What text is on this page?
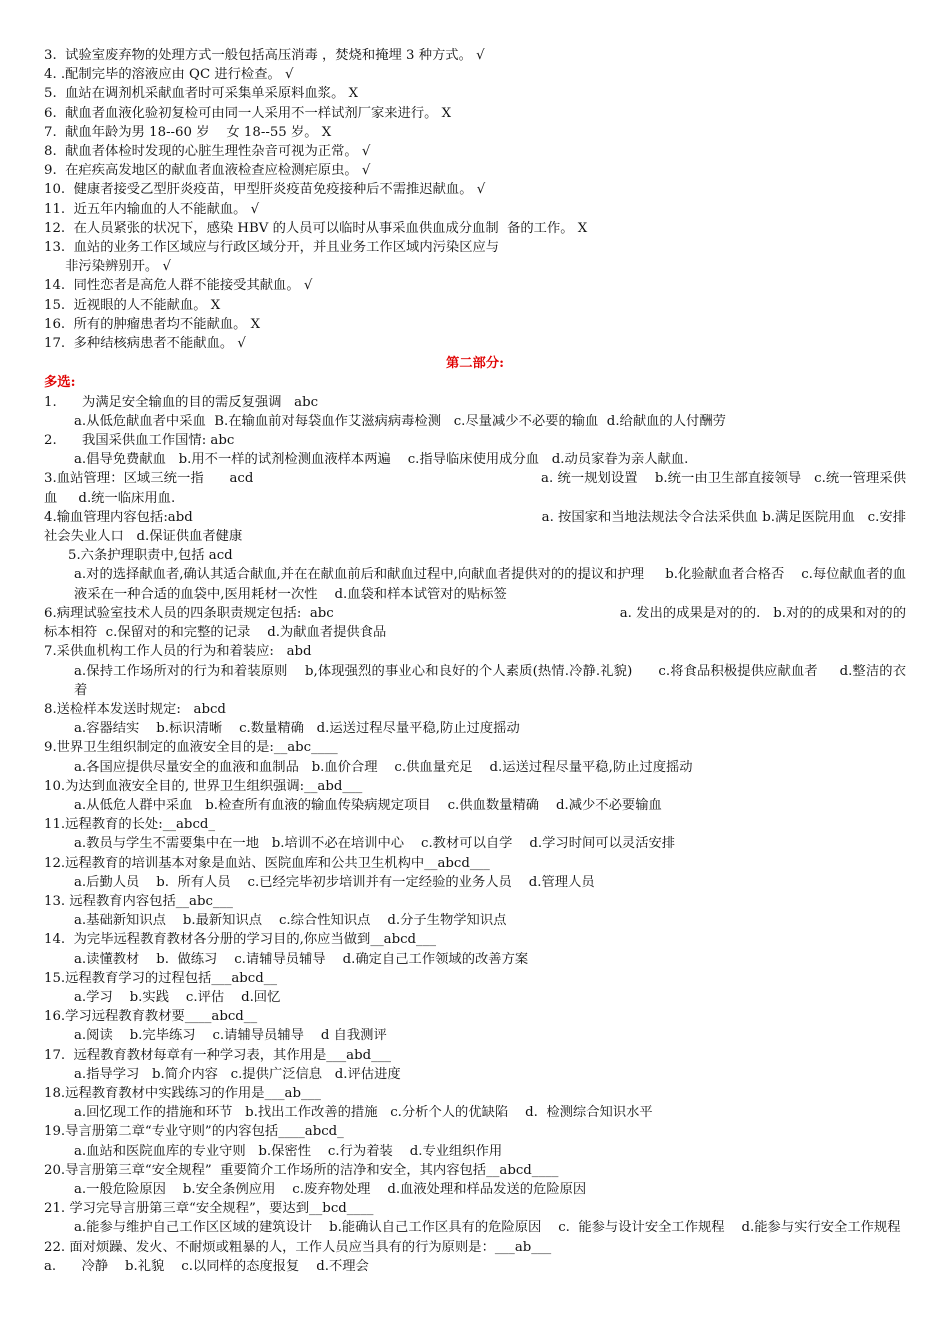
3.  试验室废弃物的处理方式一般包括高压消毒 ，焚烧和掩埋 3 种方式。 √
4. .配制完毕的溶液应由 QC 进行检查。 √
5.  血站在调剂机采献血者时可采集单采原料血浆。 X
6.  献血者血液化验初复检可由同一人采用不一样试剂厂家来进行。 X
7.  献血年龄为男 18--60 岁    女 18--55 岁。 X
8.  献血者体检时发现的心脏生理性杂音可视为正常。 √
9.  在疟疾高发地区的献血者血液检查应检测疟原虫。 √
10.  健康者接受乙型肝炎疫苗，甲型肝炎疫苗免疫接种后不需推迟献血。 √
11.  近五年内输血的人不能献血。 √
12.  在人员紧张的状况下，感染 HBV 的人员可以临时从事采血供血成分血制  备的工作。 X
13.  血站的业务工作区域应与行政区域分开，并且业务工作区域内污染区应与
非污染辨别开。 √
14.  同性恋者是高危人群不能接受其献血。 √
15.  近视眼的人不能献血。 X
16.  所有的肿瘤患者均不能献血。 X
17.  多种结核病患者不能献血。 √
第二部分:
多选:
1.      为满足安全输血的目的需反复强调   abc
a.从低危献血者中采血  B.在输血前对每袋血作艾滋病病毒检测   c.尽量减少不必要的输血  d.给献血的人付酬劳
2.      我国采供血工作国情: abc
a.倡导免费献血   b.用不一样的试剂检测血液样本两遍    c.指导临床使用成分血   d.动员家眷为亲人献血.
3.血站管理：区域三统一指      acd                                                                   a. 统一规划设置    b.统一由卫生部直接领导   c.统一管理采供血     d.统一临床用血.
4.输血管理内容包括:abd                                                                                  a. 按国家和当地法规法令合法采供血 b.满足医院用血   c.安排社会失业人口   d.保证供血者健康
5.六条护理职责中,包括 acd
a.对的选择献血者,确认其适合献血,并在在献血前后和献血过程中,向献血者提供对的的提议和护理     b.化验献血者合格否    c.每位献血者的血液采在一种合适的血袋中,医用耗材一次性    d.血袋和样本试管对的贴标签
6.病理试验室技术人员的四条职责规定包括:  abc                                                                   a. 发出的成果是对的的.   b.对的的成果和对的的标本相符  c.保留对的和完整的记录    d.为献血者提供食品
7.采供血机构工作人员的行为和着装应:   abd
a.保持工作场所对的行为和着装原则    b,体现强烈的事业心和良好的个人素质(热情.冷静.礼貌)      c.将食品积极提供应献血者     d.整洁的衣着
8.送检样本发送时规定:   abcd
a.容器结实    b.标识清晰    c.数量精确   d.运送过程尽量平稳,防止过度摇动
9.世界卫生组织制定的血液安全目的是:__abc____
a.各国应提供尽量安全的血液和血制品   b.血价合理    c.供血量充足    d.运送过程尽量平稳,防止过度摇动
10.为达到血液安全目的, 世界卫生组织强调:__abd___
a.从低危人群中采血   b.检查所有血液的输血传染病规定项目    c.供血数量精确    d.减少不必要输血
11.远程教育的长处:__abcd_
a.教员与学生不需要集中在一地   b.培训不必在培训中心    c.教材可以自学    d.学习时间可以灵活安排
12.远程教育的培训基本对象是血站、医院血库和公共卫生机构中__abcd___
a.后勤人员    b.  所有人员    c.已经完毕初步培训并有一定经验的业务人员    d.管理人员
13. 远程教育内容包括__abc___
a.基础新知识点    b.最新知识点    c.综合性知识点    d.分子生物学知识点
14.  为完毕远程教育教材各分册的学习目的,你应当做到__abcd___
a.读懂教材    b.  做练习    c.请辅导员辅导    d.确定自己工作领域的改善方案
15.远程教育学习的过程包括___abcd__
a.学习    b.实践    c.评估    d.回忆
16.学习远程教育教材要____abcd__
a.阅读    b.完毕练习    c.请辅导员辅导    d 自我测评
17.  远程教育教材每章有一种学习表，其作用是___abd___
a.指导学习   b.简介内容   c.提供广泛信息   d.评估进度
18.远程教育教材中实践练习的作用是___ab___
a.回忆现工作的措施和环节   b.找出工作改善的措施   c.分析个人的优缺陷    d.  检测综合知识水平
19.导言册第二章“专业守则”的内容包括____abcd_
a.血站和医院血库的专业守则   b.保密性    c.行为着装    d.专业组织作用
20.导言册第三章“安全规程”  重要简介工作场所的洁净和安全，其内容包括__abcd____
a.一般危险原因    b.安全条例应用    c.废弃物处理    d.血液处理和样品发送的危险原因
21. 学习完导言册第三章“安全规程”，要达到__bcd____
a.能参与维护自己工作区区域的建筑设计    b.能确认自己工作区具有的危险原因    c.  能参与设计安全工作规程    d.能参与实行安全工作规程
22. 面对烦躁、发火、不耐烦或粗暴的人，工作人员应当具有的行为原则是：___ab___
a.      冷静    b.礼貌    c.以同样的态度报复    d.不理会
